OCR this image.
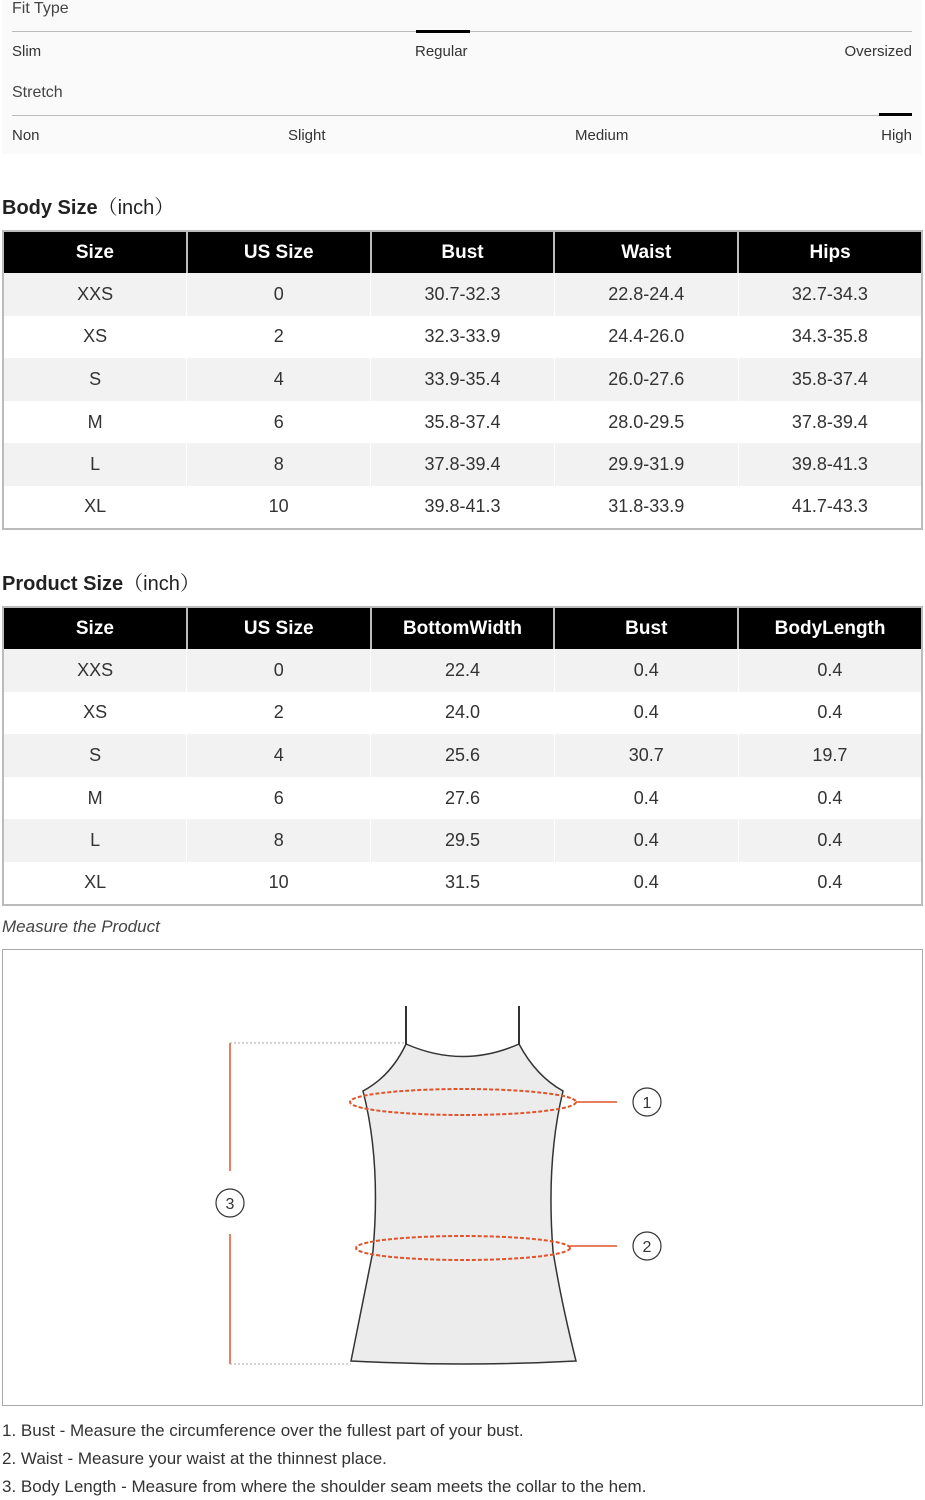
Fit Type
Slim	Regular	Oversized
Stretch
Non	Slight	Medium	High
Body Size（inch）
Size	US Size	Bust	Waist	Hips
XXS	0	30.7-32.3	22.8-24.4	32.7-34.3
XS	2	32.3-33.9	24.4-26.0	34.3-35.8
S	4	33.9-35.4	26.0-27.6	35.8-37.4
M	6	35.8-37.4	28.0-29.5	37.8-39.4
L	8	37.8-39.4	29.9-31.9	39.8-41.3
XL	10	39.8-41.3	31.8-33.9	41.7-43.3
Product Size（inch）
Size	US Size	BottomWidth	Bust	BodyLength
XXS	0	22.4	0.4	0.4
XS	2	24.0	0.4	0.4
S	4	25.6	30.7	19.7
M	6	27.6	0.4	0.4
L	8	29.5	0.4	0.4
XL	10	31.5	0.4	0.4
Measure the Product
1
2
3
1. Bust - Measure the circumference over the fullest part of your bust.
2. Waist - Measure your waist at the thinnest place.
3. Body Length - Measure from where the shoulder seam meets the collar to the hem.
